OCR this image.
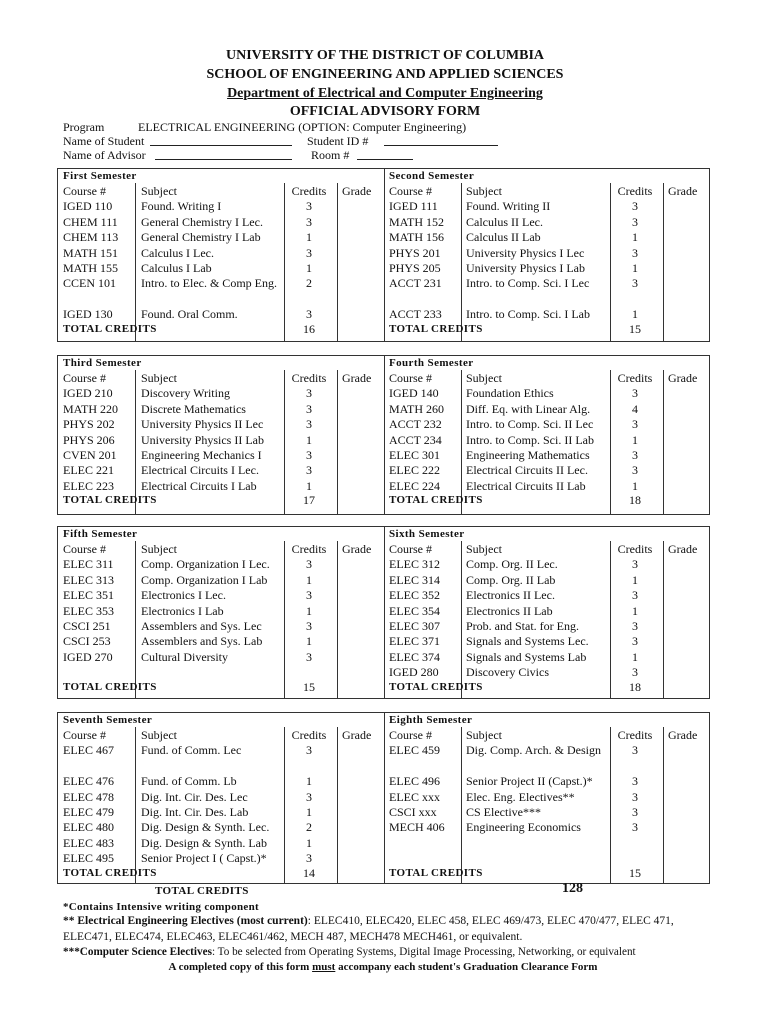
UNIVERSITY OF THE DISTRICT OF COLUMBIA
SCHOOL OF ENGINEERING AND APPLIED SCIENCES
Department of Electrical and Computer Engineering
OFFICIAL ADVISORY FORM
Program	ELECTRICAL ENGINEERING (OPTION: Computer Engineering)
Name of Student	Student ID #
Name of Advisor	Room #
First Semester
Course #	Subject	Credits	Grade
IGED 110 Found. Writing I	3
CHEM 111 General Chemistry I Lec.	3
CHEM 113 General Chemistry I Lab	1
MATH 151 Calculus I Lec.	3
MATH 155 Calculus I Lab	1
CCEN 101 Intro. to Elec. & Comp Eng.	2
IGED 130 Found. Oral Comm.	3
TOTAL CREDITS	16
Second Semester
Course #	Subject	Credits	Grade
IGED 111 Found. Writing II	3
MATH 152 Calculus II Lec.	3
MATH 156 Calculus II Lab	1
PHYS 201 University Physics I Lec	3
PHYS 205 University Physics I Lab	1
ACCT 231 Intro. to Comp. Sci. I Lec	3
ACCT 233 Intro. to Comp. Sci. I Lab	1
TOTAL CREDITS	15
Third Semester
Course #	Subject	Credits	Grade
IGED 210 Discovery Writing	3
MATH 220 Discrete Mathematics	3
PHYS 202 University Physics II Lec	3
PHYS 206 University Physics II Lab	1
CVEN 201 Engineering Mechanics I	3
ELEC 221 Electrical Circuits I Lec.	3
ELEC 223 Electrical Circuits I Lab	1
TOTAL CREDITS	17
Fourth Semester
Course #	Subject	Credits	Grade
IGED 140 Foundation Ethics	3
MATH 260 Diff. Eq. with Linear Alg.	4
ACCT 232 Intro. to Comp. Sci. II Lec	3
ACCT 234 Intro. to Comp. Sci. II Lab	1
ELEC 301 Engineering Mathematics	3
ELEC 222 Electrical Circuits II Lec.	3
ELEC 224 Electrical Circuits II Lab	1
TOTAL CREDITS	18
Fifth Semester
Course #	Subject	Credits	Grade
ELEC 311 Comp. Organization I Lec.	3
ELEC 313 Comp. Organization I Lab	1
ELEC 351 Electronics I Lec.	3
ELEC 353 Electronics I Lab	1
CSCI 251	Assemblers and Sys. Lec	3
CSCI 253	Assemblers and Sys. Lab	1
IGED 270 Cultural Diversity	3
TOTAL CREDITS	15
Sixth Semester
Course #	Subject	Credits	Grade
ELEC 312 Comp. Org. II Lec.	3
ELEC 314 Comp. Org. II Lab	1
ELEC 352 Electronics II Lec.	3
ELEC 354 Electronics II Lab	1
ELEC 307 Prob. and Stat. for Eng.	3
ELEC 371 Signals and Systems Lec.	3
ELEC 374 Signals and Systems Lab	1
IGED 280 Discovery Civics	3
TOTAL CREDITS	18
Seventh Semester
Course #	Subject	Credits	Grade
ELEC 467 Fund. of Comm. Lec	3
ELEC 476 Fund. of Comm. Lb	1
ELEC 478 Dig. Int. Cir. Des. Lec	3
ELEC 479 Dig. Int. Cir. Des. Lab	1
ELEC 480 Dig. Design & Synth. Lec.	2
ELEC 483 Dig. Design & Synth. Lab	1
ELEC 495 Senior Project I ( Capst.)*	3
TOTAL CREDITS	14
Eighth Semester
Course #	Subject	Credits	Grade
ELEC 459 Dig. Comp. Arch. & Design	3
ELEC 496 Senior Project II (Capst.)*	3
ELEC xxx Elec. Eng. Electives**	3
CSCI xxx CS Elective***	3
MECH 406 Engineering Economics	3
TOTAL CREDITS	15
TOTAL CREDITS	128
*Contains Intensive writing component
** Electrical Engineering Electives (most current): ELEC410, ELEC420, ELEC 458, ELEC 469/473, ELEC 470/477, ELEC 471, ELEC471, ELEC474, ELEC463, ELEC461/462, MECH 487, MECH478 MECH461, or equivalent.
***Computer Science Electives: To be selected from Operating Systems, Digital Image Processing, Networking, or equivalent
A completed copy of this form must accompany each student's Graduation Clearance Form
